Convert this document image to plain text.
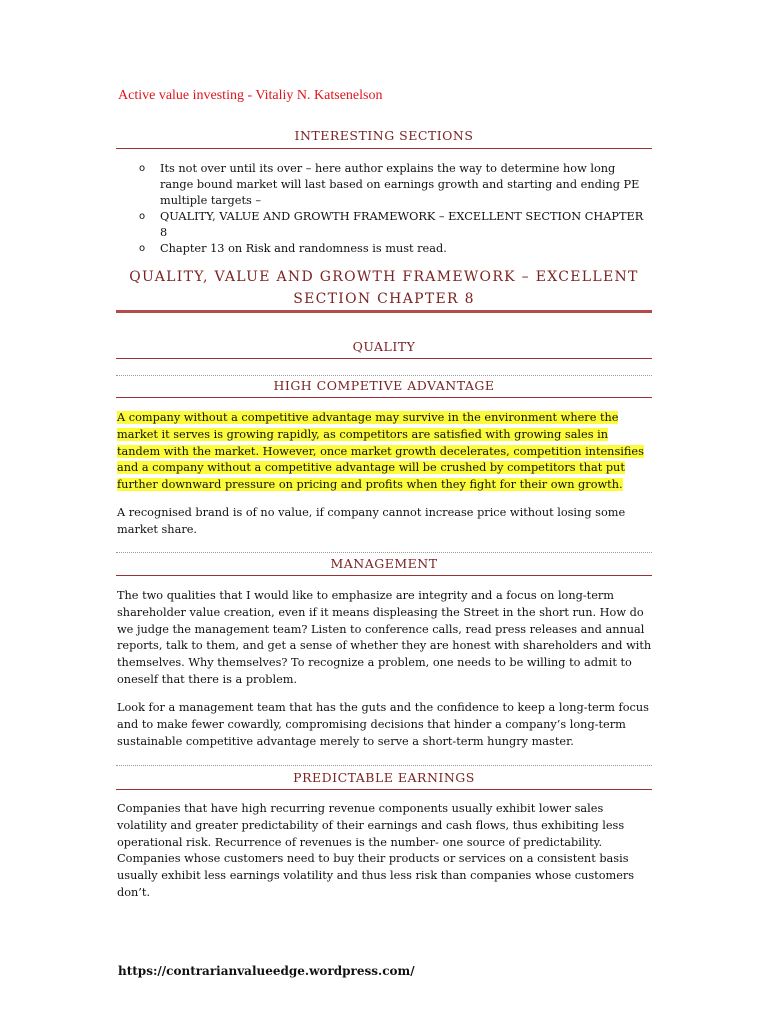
Active value investing - Vitaliy N. Katsenelson
INTERESTING SECTIONS
o Its not over until its over – here author explains the way to determine how long range bound market will last based on earnings growth and starting and ending PE multiple targets –
o QUALITY, VALUE AND GROWTH FRAMEWORK – EXCELLENT SECTION CHAPTER 8
o Chapter 13 on Risk and randomness is must read.
QUALITY, VALUE AND GROWTH FRAMEWORK – EXCELLENT
SECTION CHAPTER 8
QUALITY
HIGH COMPETIVE ADVANTAGE
A company without a competitive advantage may survive in the environment where the market it serves is growing rapidly, as competitors are satisfied with growing sales in tandem with the market. However, once market growth decelerates, competition intensifies and a company without a competitive advantage will be crushed by competitors that put further downward pressure on pricing and profits when they fight for their own growth.
A recognised brand is of no value, if company cannot increase price without losing some market share.
MANAGEMENT
The two qualities that I would like to emphasize are integrity and a focus on long-term shareholder value creation, even if it means displeasing the Street in the short run. How do we judge the management team? Listen to conference calls, read press releases and annual reports, talk to them, and get a sense of whether they are honest with shareholders and with themselves. Why themselves? To recognize a problem, one needs to be willing to admit to oneself that there is a problem.
Look for a management team that has the guts and the confidence to keep a long-term focus and to make fewer cowardly, compromising decisions that hinder a company’s long-term sustainable competitive advantage merely to serve a short-term hungry master.
PREDICTABLE EARNINGS
Companies that have high recurring revenue components usually exhibit lower sales volatility and greater predictability of their earnings and cash flows, thus exhibiting less operational risk. Recurrence of revenues is the number- one source of predictability. Companies whose customers need to buy their products or services on a consistent basis usually exhibit less earnings volatility and thus less risk than companies whose customers don’t.
https://contrarianvalueedge.wordpress.com/
